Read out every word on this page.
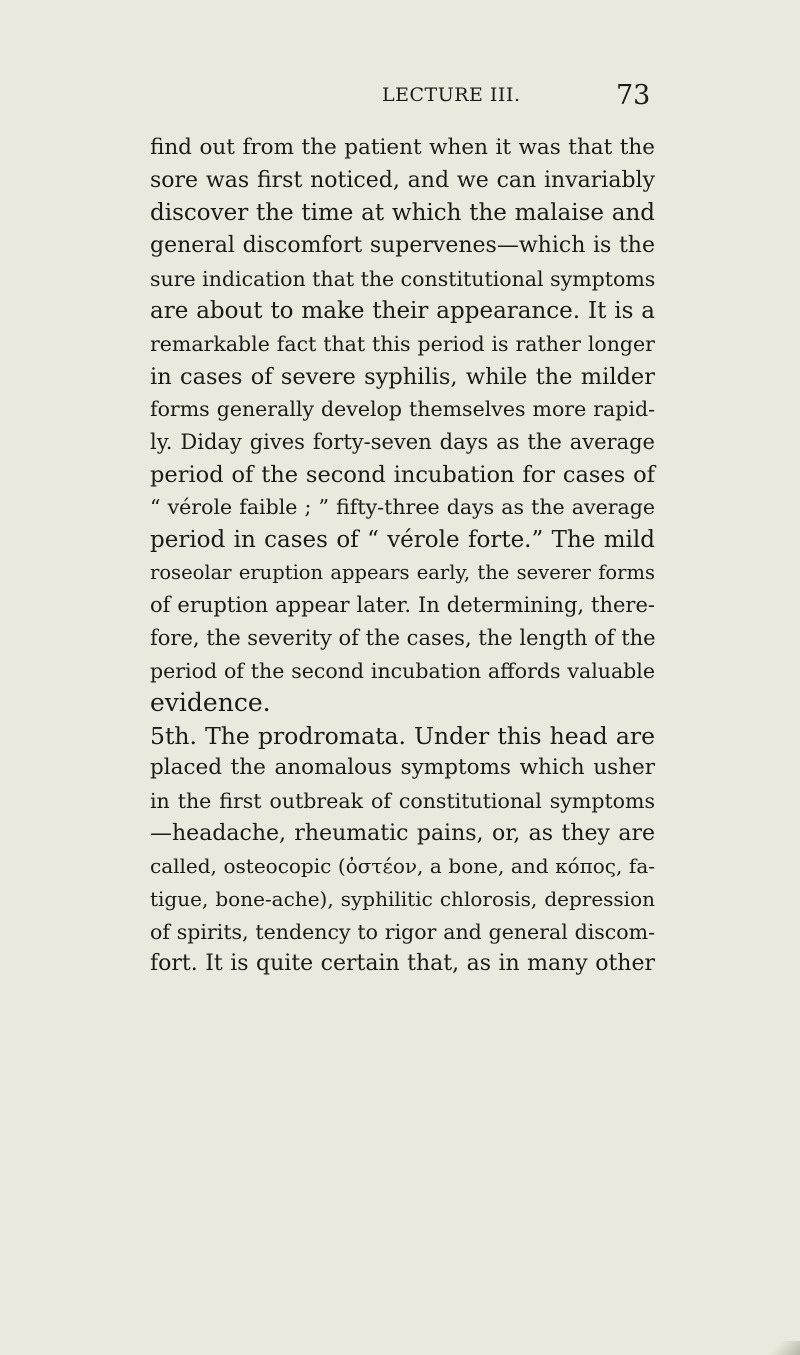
LECTURE III.	73
find out from the patient when it was that the
sore was first noticed, and we can invariably
discover the time at which the malaise and
general discomfort supervenes—which is the
sure indication that the constitutional symptoms
are about to make their appearance. It is a
remarkable fact that this period is rather longer
in cases of severe syphilis, while the milder
forms generally develop themselves more rapid-
ly. Diday gives forty-seven days as the average
period of the second incubation for cases of
“ vérole faible ; ” fifty-three days as the average
period in cases of “ vérole forte.” The mild
roseolar eruption appears early, the severer forms
of eruption appear later. In determining, there-
fore, the severity of the cases, the length of the
period of the second incubation affords valuable
evidence.
5th. The prodromata. Under this head are
placed the anomalous symptoms which usher
in the first outbreak of constitutional symptoms
—headache, rheumatic pains, or, as they are
called, osteocopic (ὀστέον, a bone, and κόπος, fa-
tigue, bone-ache), syphilitic chlorosis, depression
of spirits, tendency to rigor and general discom-
fort. It is quite certain that, as in many other
